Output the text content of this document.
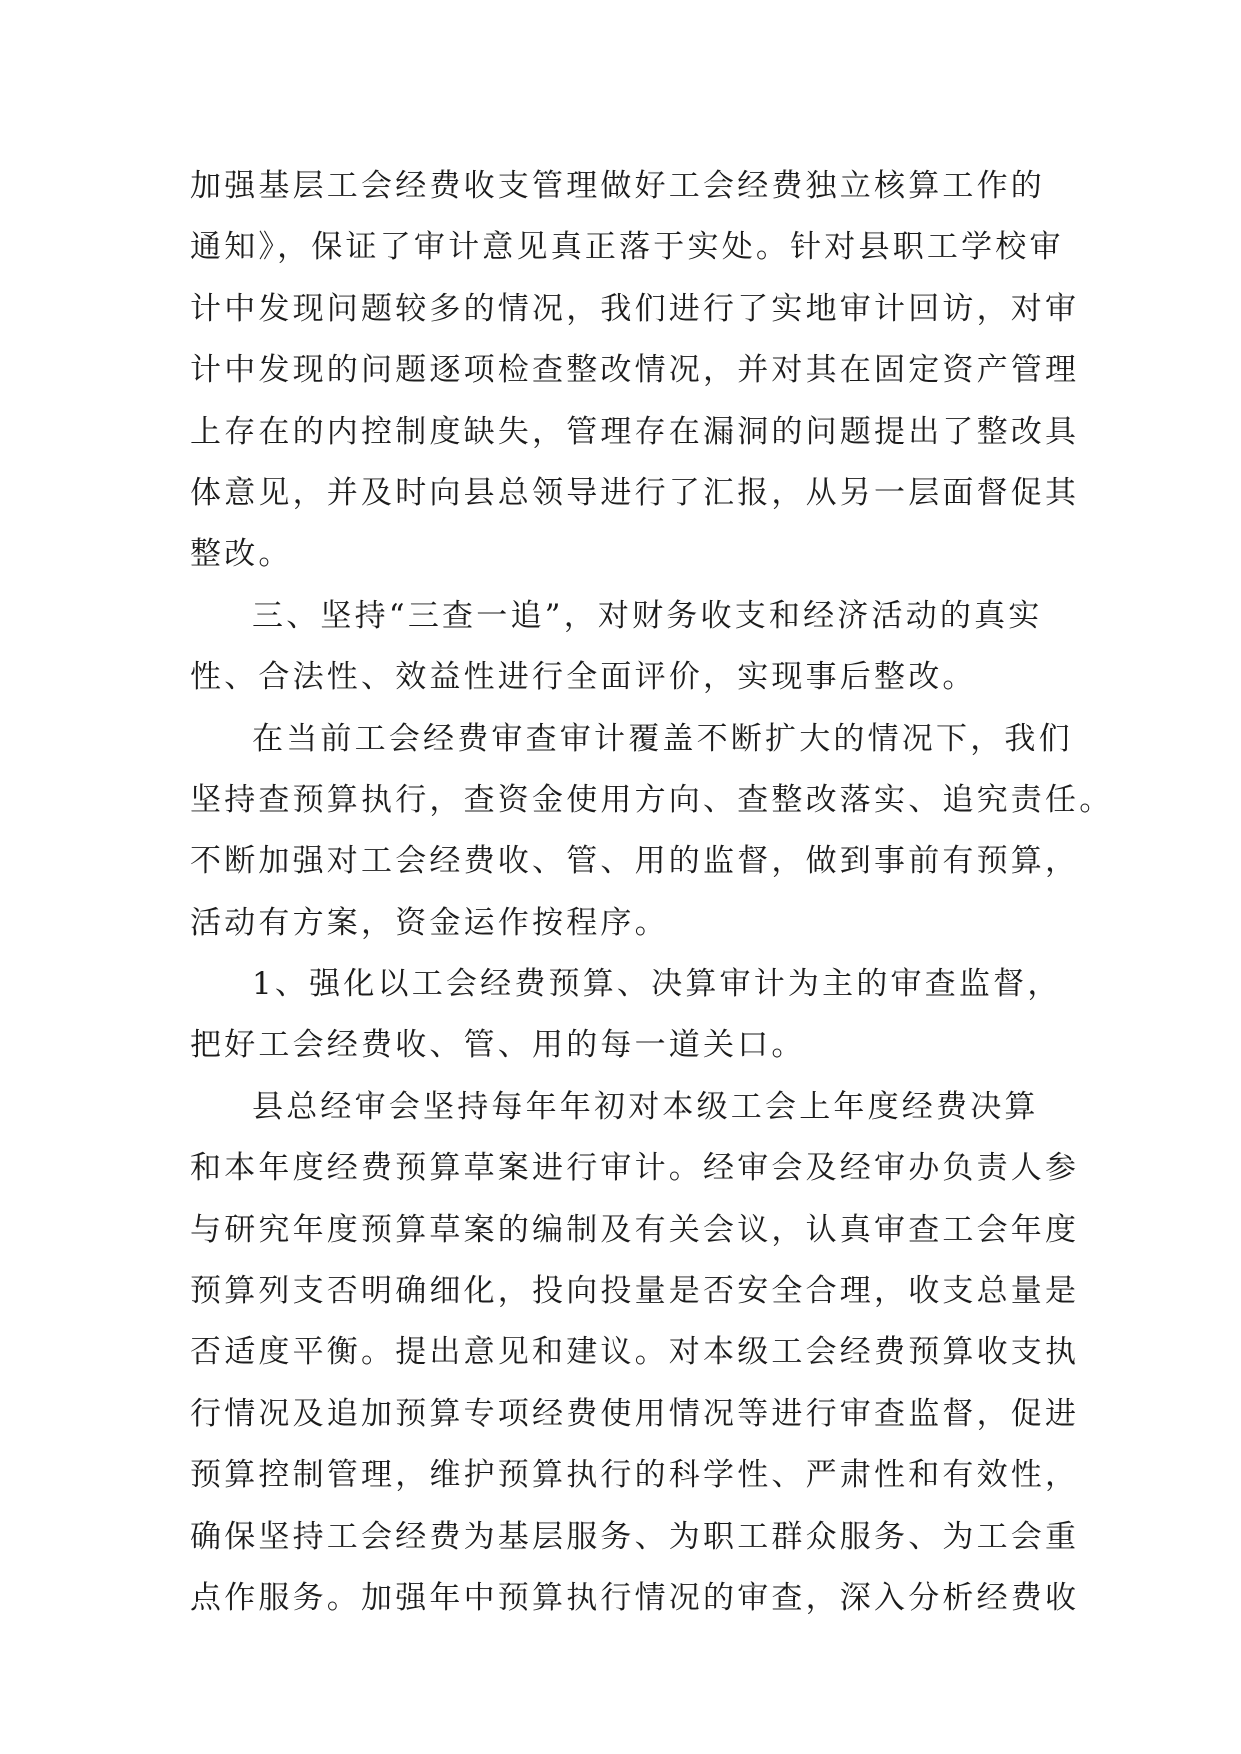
加强基层工会经费收支管理做好工会经费独立核算工作的
通知》，保证了审计意见真正落于实处。针对县职工学校审
计中发现问题较多的情况，我们进行了实地审计回访，对审
计中发现的问题逐项检查整改情况，并对其在固定资产管理
上存在的内控制度缺失，管理存在漏洞的问题提出了整改具
体意见，并及时向县总领导进行了汇报，从另一层面督促其
整改。
三、坚持“三查一追”，对财务收支和经济活动的真实
性、合法性、效益性进行全面评价，实现事后整改。
在当前工会经费审查审计覆盖不断扩大的情况下，我们
坚持查预算执行，查资金使用方向、查整改落实、追究责任。
不断加强对工会经费收、管、用的监督，做到事前有预算，
活动有方案，资金运作按程序。
1、强化以工会经费预算、决算审计为主的审查监督，
把好工会经费收、管、用的每一道关口。
县总经审会坚持每年年初对本级工会上年度经费决算
和本年度经费预算草案进行审计。经审会及经审办负责人参
与研究年度预算草案的编制及有关会议，认真审查工会年度
预算列支否明确细化，投向投量是否安全合理，收支总量是
否适度平衡。提出意见和建议。对本级工会经费预算收支执
行情况及追加预算专项经费使用情况等进行审查监督，促进
预算控制管理，维护预算执行的科学性、严肃性和有效性，
确保坚持工会经费为基层服务、为职工群众服务、为工会重
点作服务。加强年中预算执行情况的审查，深入分析经费收
